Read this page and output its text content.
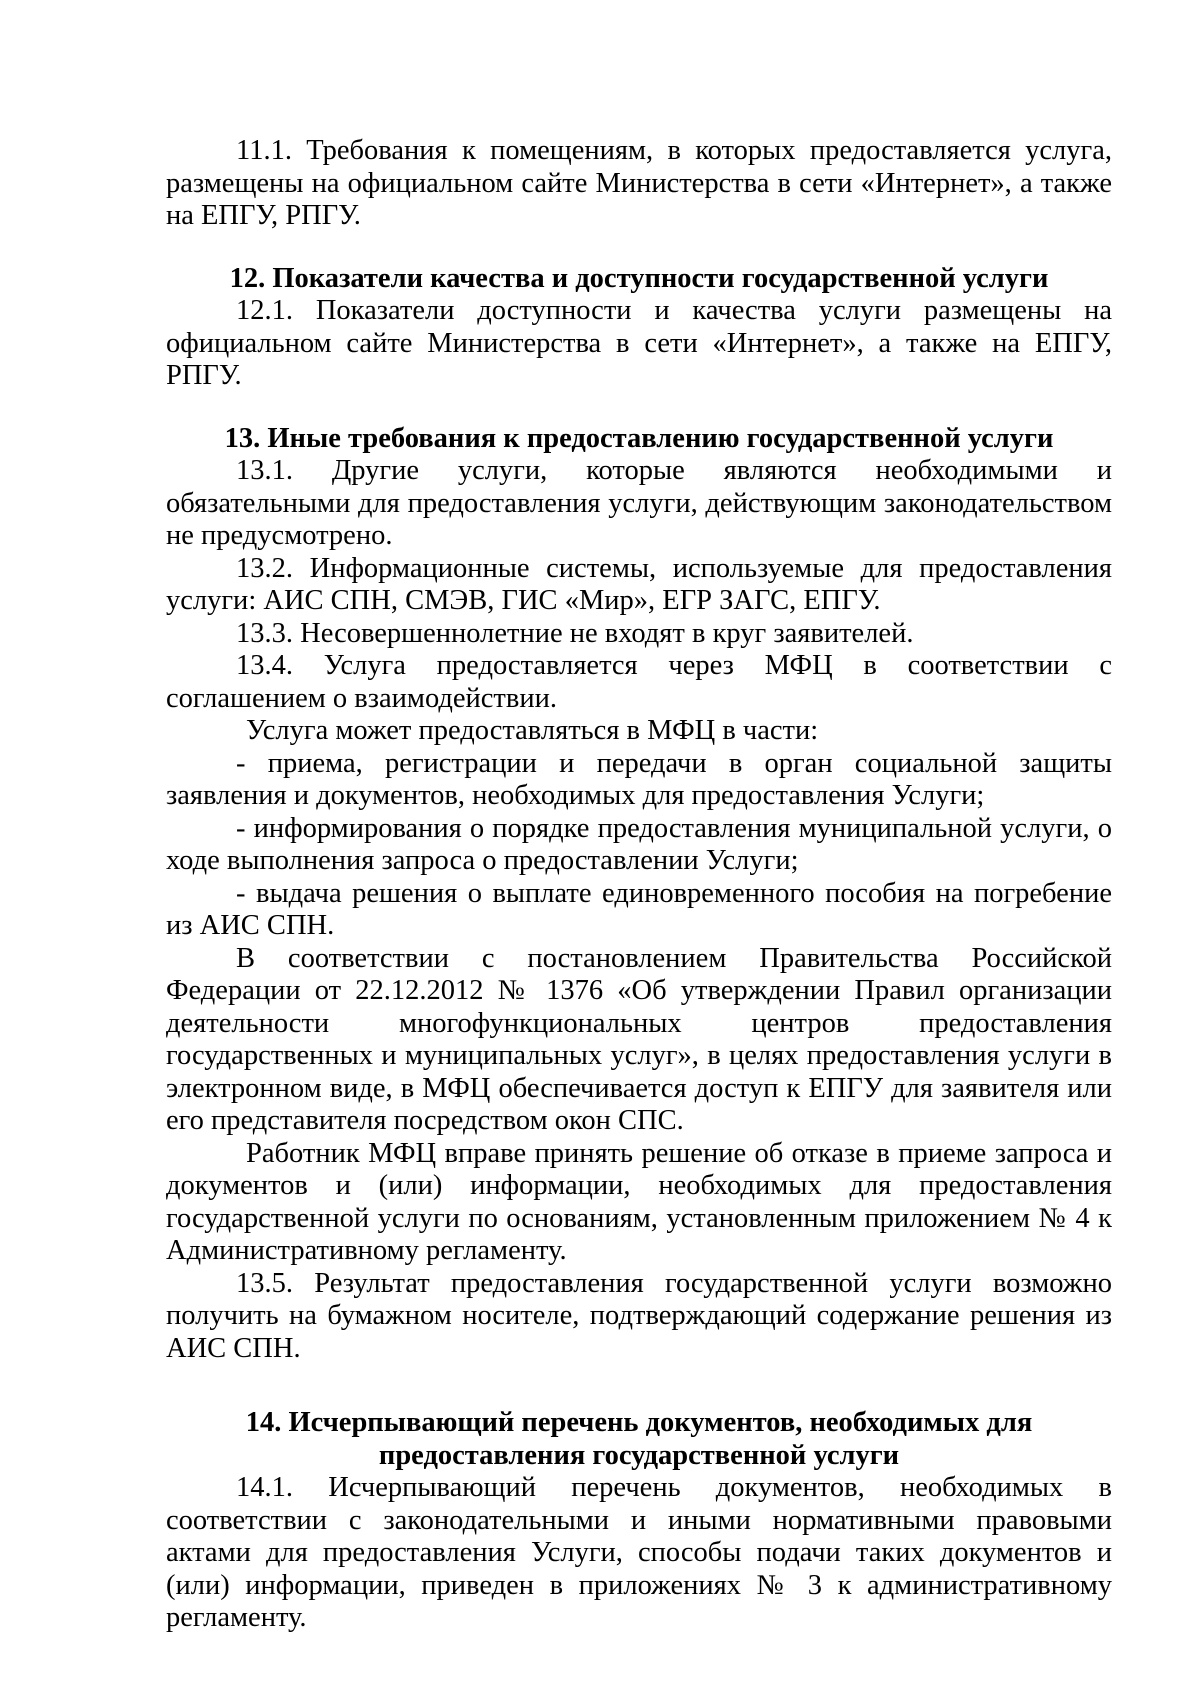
11.1. Требования к помещениям, в которых предоставляется услуга, размещены на официальном сайте Министерства в сети «Интернет», а также на ЕПГУ, РПГУ.

12. Показатели качества и доступности государственной услуги

12.1. Показатели доступности и качества услуги размещены на официальном сайте Министерства в сети «Интернет», а также на ЕПГУ, РПГУ.

13. Иные требования к предоставлению государственной услуги

13.1. Другие услуги, которые являются необходимыми и обязательными для предоставления услуги, действующим законодательством не предусмотрено.

13.2. Информационные системы, используемые для предоставления услуги: АИС СПН, СМЭВ, ГИС «Мир», ЕГР ЗАГС, ЕПГУ.

13.3. Несовершеннолетние не входят в круг заявителей.

13.4. Услуга предоставляется через МФЦ в соответствии с соглашением о взаимодействии.

Услуга может предоставляться в МФЦ в части:

- приема, регистрации и передачи в орган социальной защиты заявления и документов, необходимых для предоставления Услуги;

- информирования о порядке предоставления муниципальной услуги, о ходе выполнения запроса о предоставлении Услуги;

- выдача решения о выплате единовременного пособия на погребение из АИС СПН.

В соответствии с постановлением Правительства Российской Федерации от 22.12.2012 № 1376 «Об утверждении Правил организации деятельности многофункциональных центров предоставления государственных и муниципальных услуг», в целях предоставления услуги в электронном виде, в МФЦ обеспечивается доступ к ЕПГУ для заявителя или его представителя посредством окон СПС.

Работник МФЦ вправе принять решение об отказе в приеме запроса и документов и (или) информации, необходимых для предоставления государственной услуги по основаниям, установленным приложением № 4 к Административному регламенту.

13.5. Результат предоставления государственной услуги возможно получить на бумажном носителе, подтверждающий содержание решения из АИС СПН.

14. Исчерпывающий перечень документов, необходимых для
предоставления государственной услуги

14.1. Исчерпывающий перечень документов, необходимых в соответствии с законодательными и иными нормативными правовыми актами для предоставления Услуги, способы подачи таких документов и (или) информации, приведен в приложениях № 3 к административному регламенту.
